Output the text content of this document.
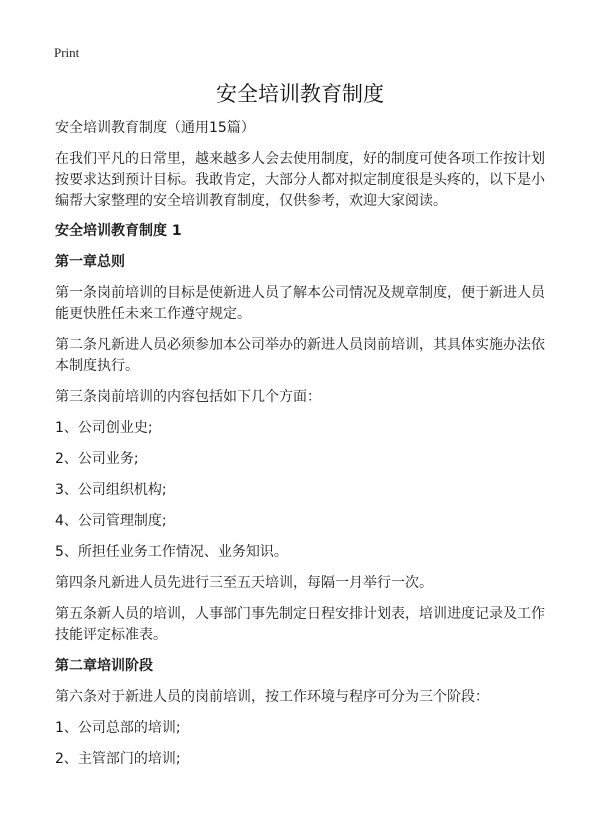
Print
安全培训教育制度

安全培训教育制度（通用15篇）

在我们平凡的日常里，越来越多人会去使用制度，好的制度可使各项工作按计划按要求达到预计目标。我敢肯定，大部分人都对拟定制度很是头疼的，以下是小编帮大家整理的安全培训教育制度，仅供参考，欢迎大家阅读。

安全培训教育制度 1

第一章总则

第一条岗前培训的目标是使新进人员了解本公司情况及规章制度，便于新进人员能更快胜任未来工作遵守规定。

第二条凡新进人员必须参加本公司举办的新进人员岗前培训，其具体实施办法依本制度执行。

第三条岗前培训的内容包括如下几个方面：

1、公司创业史;

2、公司业务;

3、公司组织机构;

4、公司管理制度;

5、所担任业务工作情况、业务知识。

第四条凡新进人员先进行三至五天培训，每隔一月举行一次。

第五条新人员的培训，人事部门事先制定日程安排计划表，培训进度记录及工作技能评定标准表。

第二章培训阶段

第六条对于新进人员的岗前培训，按工作环境与程序可分为三个阶段：

1、公司总部的培训;

2、主管部门的培训;
